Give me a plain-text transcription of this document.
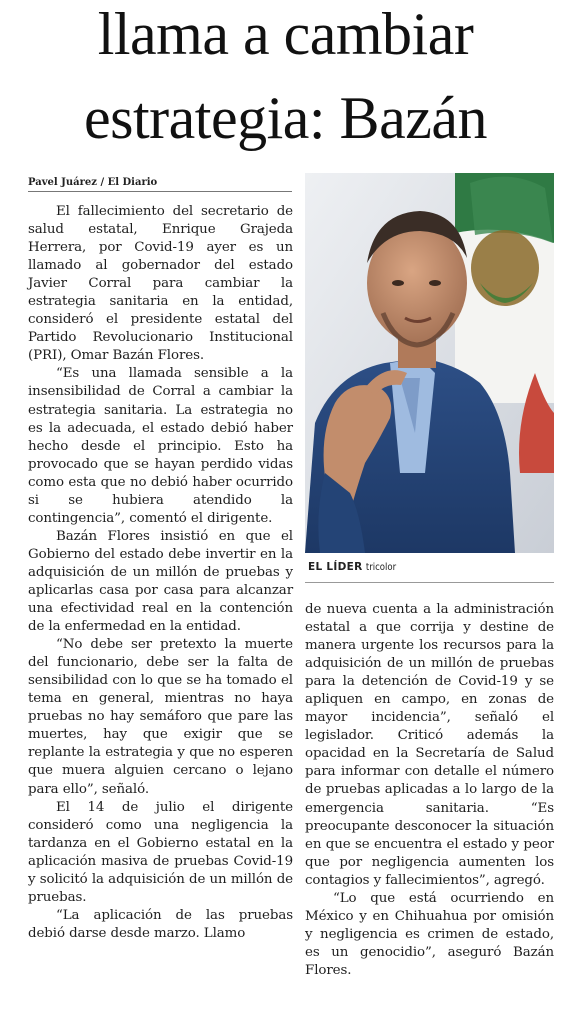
llama a cambiar
estrategia: Bazán
Pavel Juárez / El Diario

El fallecimiento del secretario de salud estatal, Enrique Grajeda Herrera, por Covid-19 ayer es un llamado al gobernador del estado Javier Corral para cambiar la estrategia sanitaria en la entidad, consideró el presidente estatal del Partido Revolucionario Institucional (PRI), Omar Bazán Flores.

“Es una llamada sensible a la insensibilidad de Corral a cambiar la estrategia sanitaria. La estrategia no es la adecuada, el estado debió haber hecho desde el principio. Esto ha provocado que se hayan perdido vidas como esta que no debió haber ocurrido si se hubiera atendido la contingencia”, comentó el dirigente.

Bazán Flores insistió en que el Gobierno del estado debe invertir en la adquisición de un millón de pruebas y aplicarlas casa por casa para alcanzar una efectividad real en la contención de la enfermedad en la entidad.

“No debe ser pretexto la muerte del funcionario, debe ser la falta de sensibilidad con lo que se ha tomado el tema en general, mientras no haya pruebas no hay semáforo que pare las muertes, hay que exigir que se replante la estrategia y que no esperen que muera alguien cercano o lejano para ello”, señaló.

El 14 de julio el dirigente consideró como una negligencia la tardanza en el Gobierno estatal en la aplicación masiva de pruebas Covid-19 y solicitó la adquisición de un millón de pruebas.

“La aplicación de las pruebas debió darse desde marzo. Llamo

EL LÍDER tricolor

de nueva cuenta a la administración estatal a que corrija y destine de manera urgente los recursos para la adquisición de un millón de pruebas para la detención de Covid-19 y se apliquen en campo, en zonas de mayor incidencia”, señaló el legislador. Criticó además la opacidad en la Secretaría de Salud para informar con detalle el número de pruebas aplicadas a lo largo de la emergencia sanitaria. “Es preocupante desconocer la situación en que se encuentra el estado y peor que por negligencia aumenten los contagios y fallecimientos”, agregó.

“Lo que está ocurriendo en México y en Chihuahua por omisión y negligencia es crimen de estado, es un genocidio”, aseguró Bazán Flores.
